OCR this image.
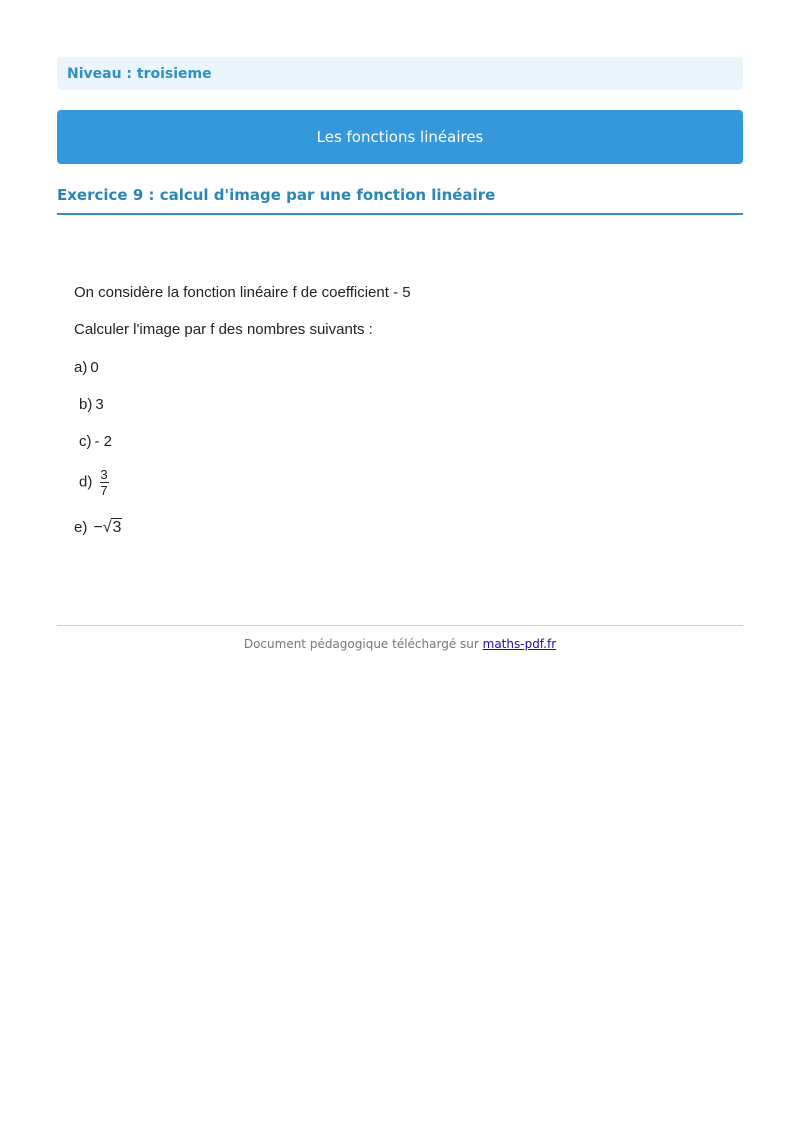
Niveau : troisieme
Les fonctions linéaires
Exercice 9 : calcul d'image par une fonction linéaire
On considère la fonction linéaire f de coefficient - 5
Calculer l'image par f des nombres suivants :
a) 0
b) 3
c) - 2
$d) \frac{3}{7}$
e) −√3
Document pédagogique téléchargé sur maths-pdf.fr
